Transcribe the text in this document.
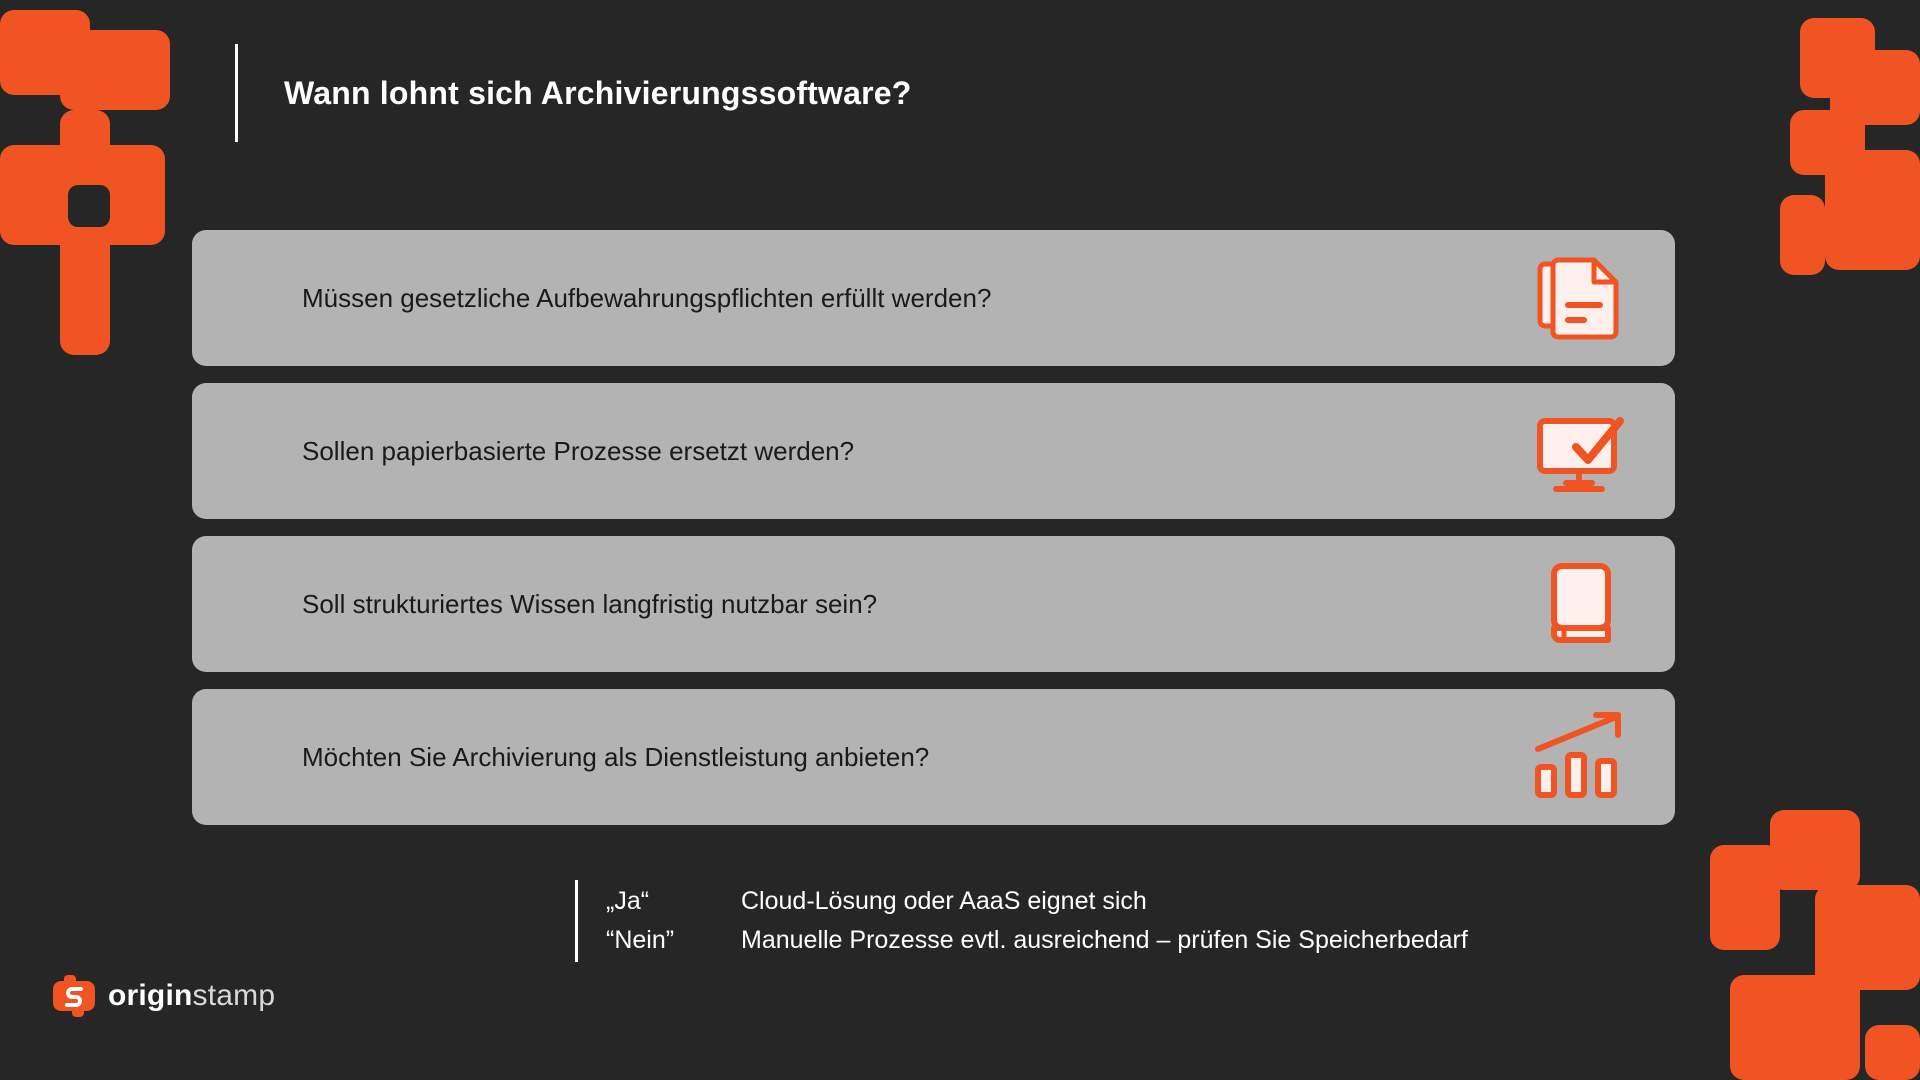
Wann lohnt sich Archivierungssoftware?
Müssen gesetzliche Aufbewahrungspflichten erfüllt werden?
Sollen papierbasierte Prozesse ersetzt werden?
Soll strukturiertes Wissen langfristig nutzbar sein?
Möchten Sie Archivierung als Dienstleistung anbieten?
„Ja“	Cloud-Lösung oder AaaS eignet sich
“Nein”	Manuelle Prozesse evtl. ausreichend – prüfen Sie Speicherbedarf
originstamp
